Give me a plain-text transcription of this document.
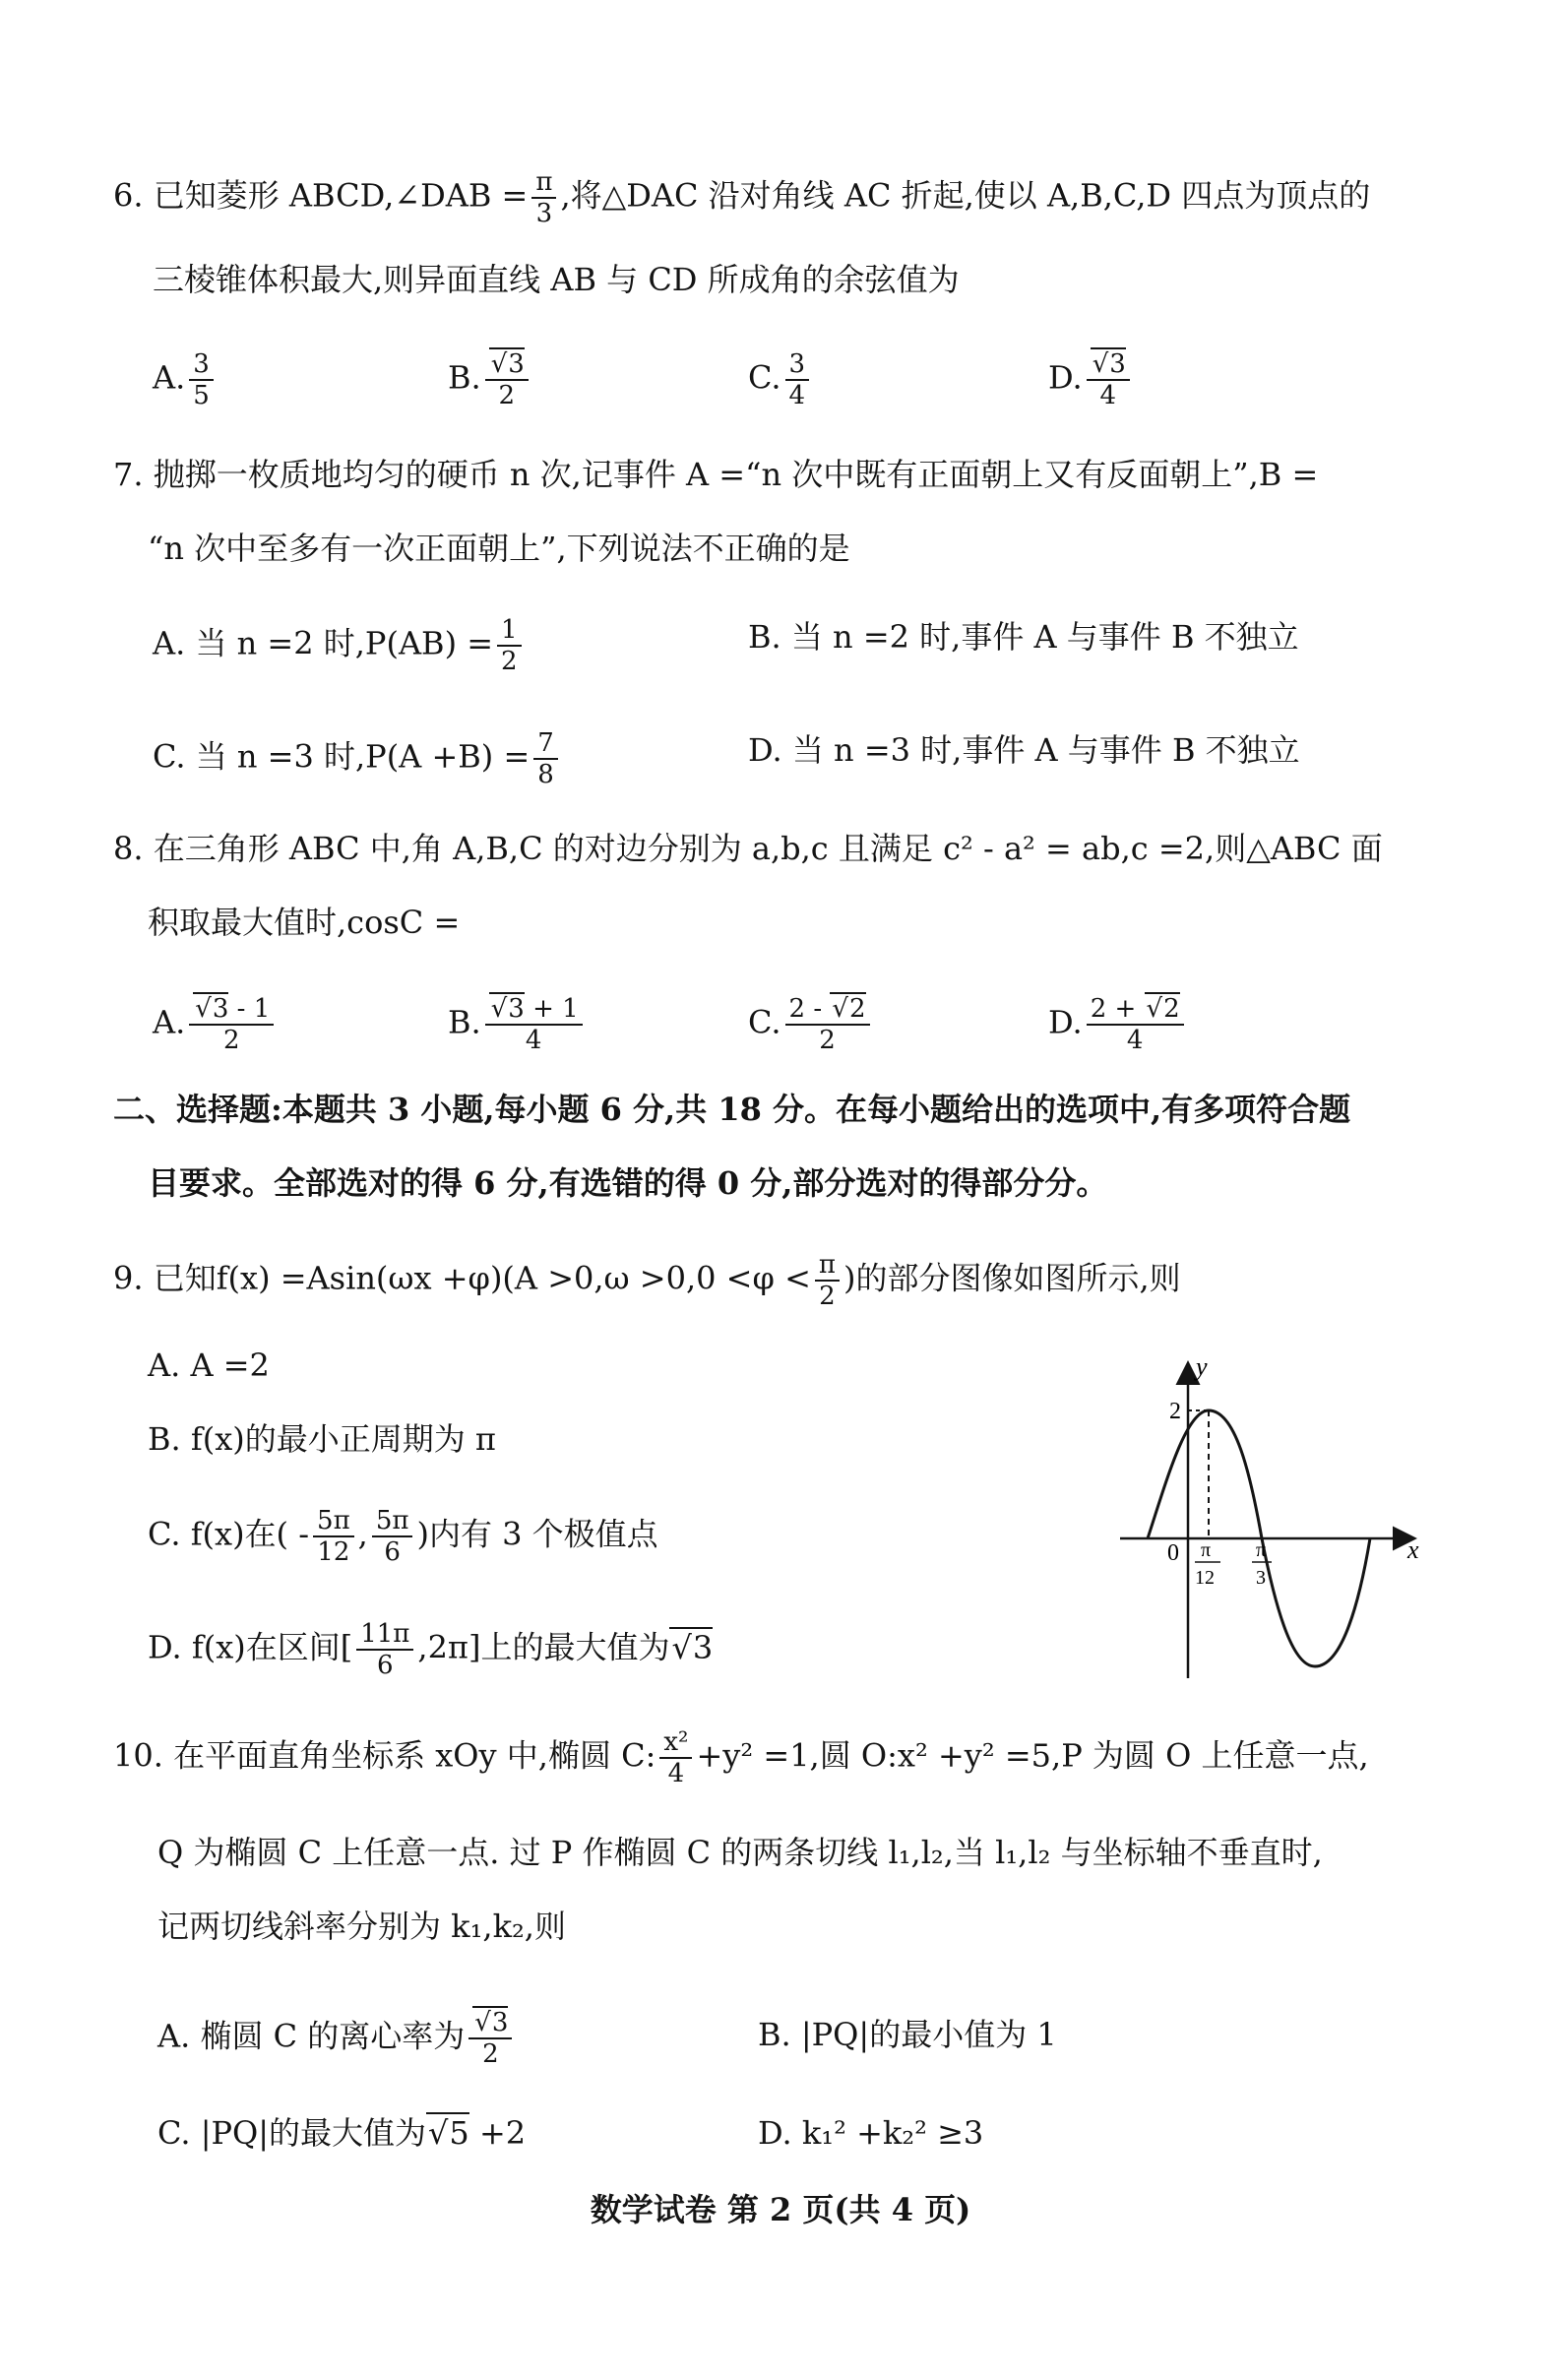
6. 已知菱形 ABCD,∠DAB = $\frac{\pi}{3}$ ,将△DAC 沿对角线 AC 折起,使以 A,B,C,D 四点为顶点的
三棱锥体积最大,则异面直线 AB 与 CD 所成角的余弦值为
A. $\frac{3}{5}$	B. √ $\frac{3}{2}$	C. $\frac{3}{4}$	D. √ $\frac{3}{4}$
7. 抛掷一枚质地均匀的硬币 n 次,记事件 A =“n 次中既有正面朝上又有反面朝上”,B =
“n 次中至多有一次正面朝上”,下列说法不正确的是
A. 当 n =2 时$,P(AB) = \frac{1}{2}$	B. 当 n =2 时,事件 A 与事件 B 不独立
C. 当 n =3 时$,P(A +B) = \frac{7}{8}$	D. 当 n =3 时,事件 A 与事件 B 不独立
8. 在三角形 ABC 中,角 A,B,C 的对边分别为 a,b,c 且满足 c² - a² = ab,c =2,则△ABC 面
积取最大值时,cosC =
A. √ $\frac{3 - 1}{2}$	B. √ $\frac{3 + 1}{4}$	C. $\frac{2 - √ 2}{2}$	D. $\frac{2 + √ 2}{4}$
二、选择题:本题共 3 小题,每小题 6 分,共 18 分。在每小题给出的选项中,有多项符合题
目要求。全部选对的得 6 分,有选错的得 0 分,部分选对的得部分分。
9. 已知$f(x) =Asin(\omega x +\varphi)(A >0,\omega >0,0 <\varphi < \frac{\pi}{2}$ )的部分图像如图所示,则
A. A =2
B. f(x)的最小正周期为 π
C. f(x)在( - $\frac{5\pi}{12}$ , $\frac{5\pi}{6}$ )内有 3 个极值点
D. f(x)在区间[ $\frac{11\pi}{6} ,2\pi$]上的最大值为 √ 3
y
x
0
2
π
12
π
3
10. 在平面直角坐标系 xOy 中,椭圆 C: $\frac{\text{x²}}{4} +y^2 =1$,圆 O:x² +y² =5,P 为圆 O 上任意一点,
Q 为椭圆 C 上任意一点. 过 P 作椭圆 C 的两条切线 l₁,l₂,当 l₁,l₂ 与坐标轴不垂直时,
记两切线斜率分别为 k₁,k₂,则
A. 椭圆 C 的离心率为 √ $\frac{3}{2}$	B. |PQ|的最小值为 1
C. |PQ|的最大值为 √ 5 +2	D. k₁² +k₂² ≥3
数学试卷 第 2 页(共 4 页)
